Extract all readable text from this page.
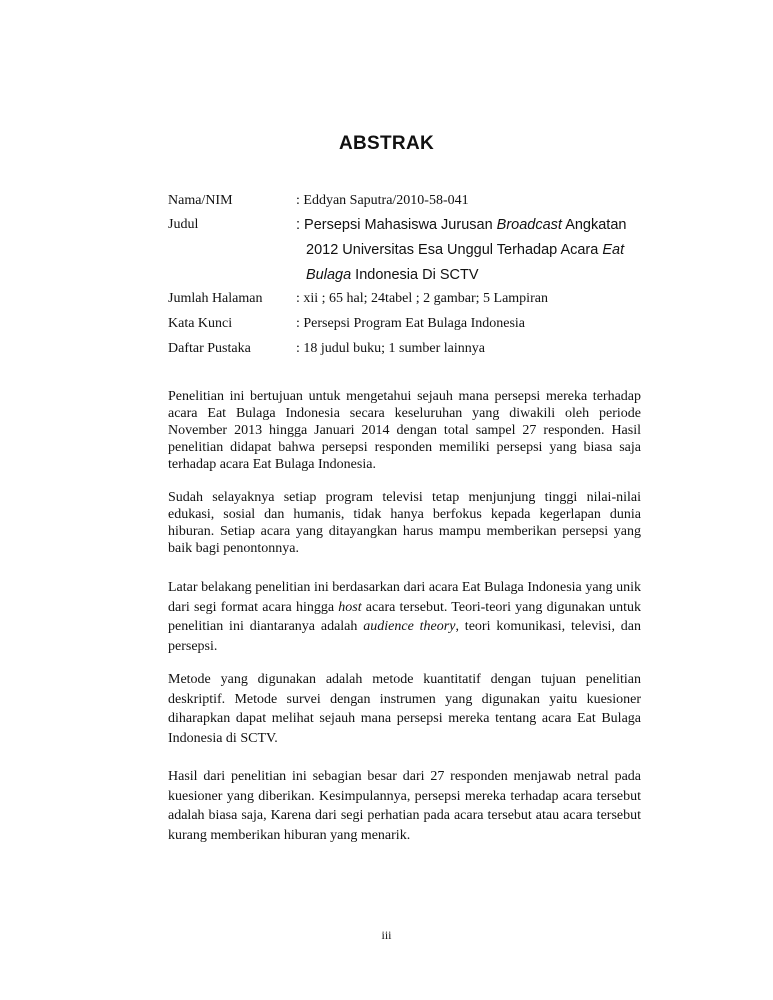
ABSTRAK
Nama/NIM	: Eddyan Saputra/2010-58-041
Judul	: Persepsi Mahasiswa Jurusan Broadcast Angkatan
2012 Universitas Esa Unggul Terhadap Acara Eat
Bulaga Indonesia Di SCTV
Jumlah Halaman : xii ; 65 hal; 24tabel ; 2 gambar; 5 Lampiran
Kata Kunci	: Persepsi Program Eat Bulaga Indonesia
Daftar Pustaka	: 18 judul buku; 1 sumber lainnya

Penelitian ini bertujuan untuk mengetahui sejauh mana persepsi mereka terhadap acara Eat Bulaga Indonesia secara keseluruhan yang diwakili oleh periode November 2013 hingga Januari 2014 dengan total sampel 27 responden. Hasil penelitian didapat bahwa persepsi responden memiliki persepsi yang biasa saja terhadap acara Eat Bulaga Indonesia.

Sudah selayaknya setiap program televisi tetap menjunjung tinggi nilai-nilai edukasi, sosial dan humanis, tidak hanya berfokus kepada kegerlapan dunia hiburan. Setiap acara yang ditayangkan harus mampu memberikan persepsi yang baik bagi penontonnya.

Latar belakang penelitian ini berdasarkan dari acara Eat Bulaga Indonesia yang unik dari segi format acara hingga host acara tersebut. Teori-teori yang digunakan untuk penelitian ini diantaranya adalah audience theory, teori komunikasi, televisi, dan persepsi.

Metode yang digunakan adalah metode kuantitatif dengan tujuan penelitian deskriptif. Metode survei dengan instrumen yang digunakan yaitu kuesioner diharapkan dapat melihat sejauh mana persepsi mereka tentang acara Eat Bulaga Indonesia di SCTV.

Hasil dari penelitian ini sebagian besar dari 27 responden menjawab netral pada kuesioner yang diberikan. Kesimpulannya, persepsi mereka terhadap acara tersebut adalah biasa saja, Karena dari segi perhatian pada acara tersebut atau acara tersebut kurang memberikan hiburan yang menarik.

iii
